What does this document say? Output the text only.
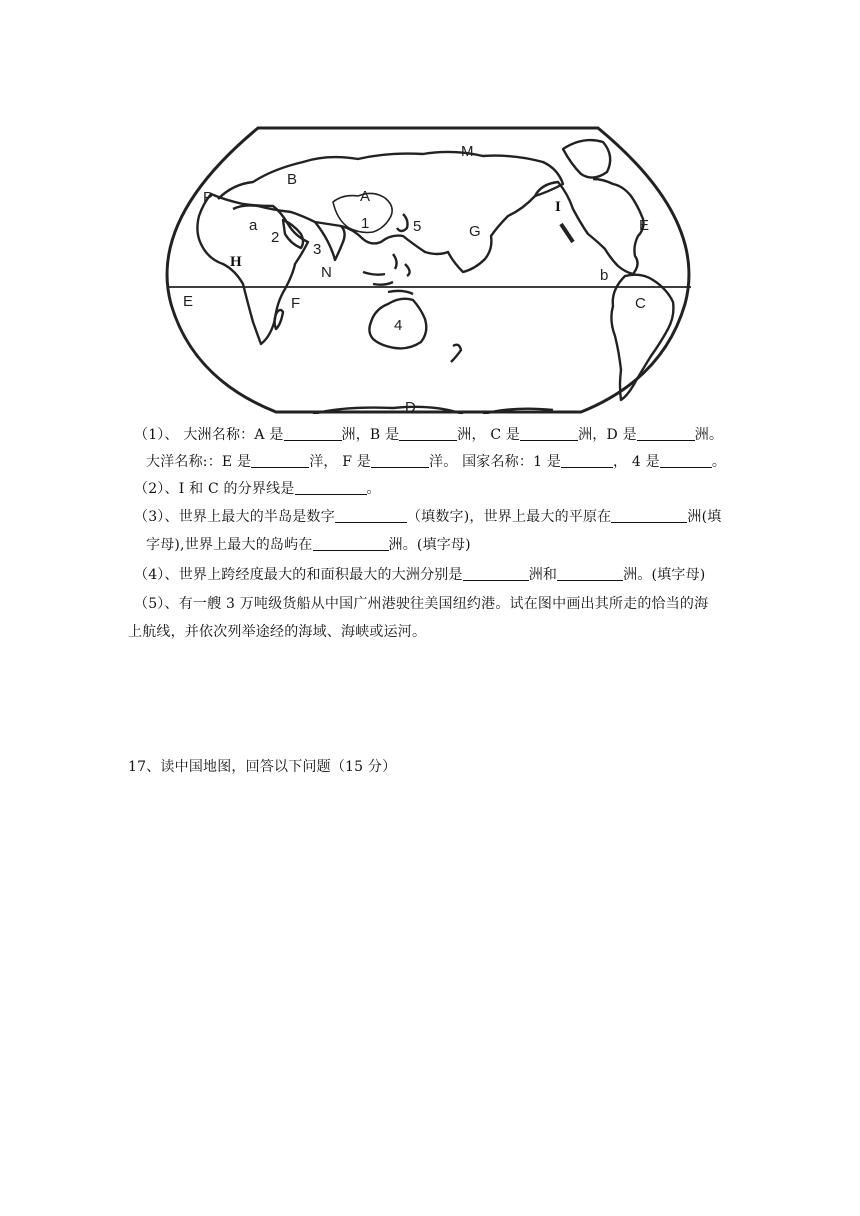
P
B
A
M
I
E
a	1
2
5	G
3
H
N	b
E	F	C
4
D
（1）、 大洲名称：A 是	洲，B 是	洲， C 是	洲，D 是	洲。
大洋名称:：E 是	洋， F 是	洋。 国家名称：1 是	， 4 是	。
（2）、I 和 C 的分界线是	。
（3）、世界上最大的半岛是数字	（填数字)，世界上最大的平原在	洲(填
字母),世界上最大的岛屿在	洲。(填字母)
（4）、世界上跨经度最大的和面积最大的大洲分别是	洲和	洲。(填字母)
（5）、有一艘 3 万吨级货船从中国广州港驶往美国纽约港。试在图中画出其所走的恰当的海
上航线，并依次列举途经的海域、海峡或运河。
17、读中国地图，回答以下问题（15 分）
